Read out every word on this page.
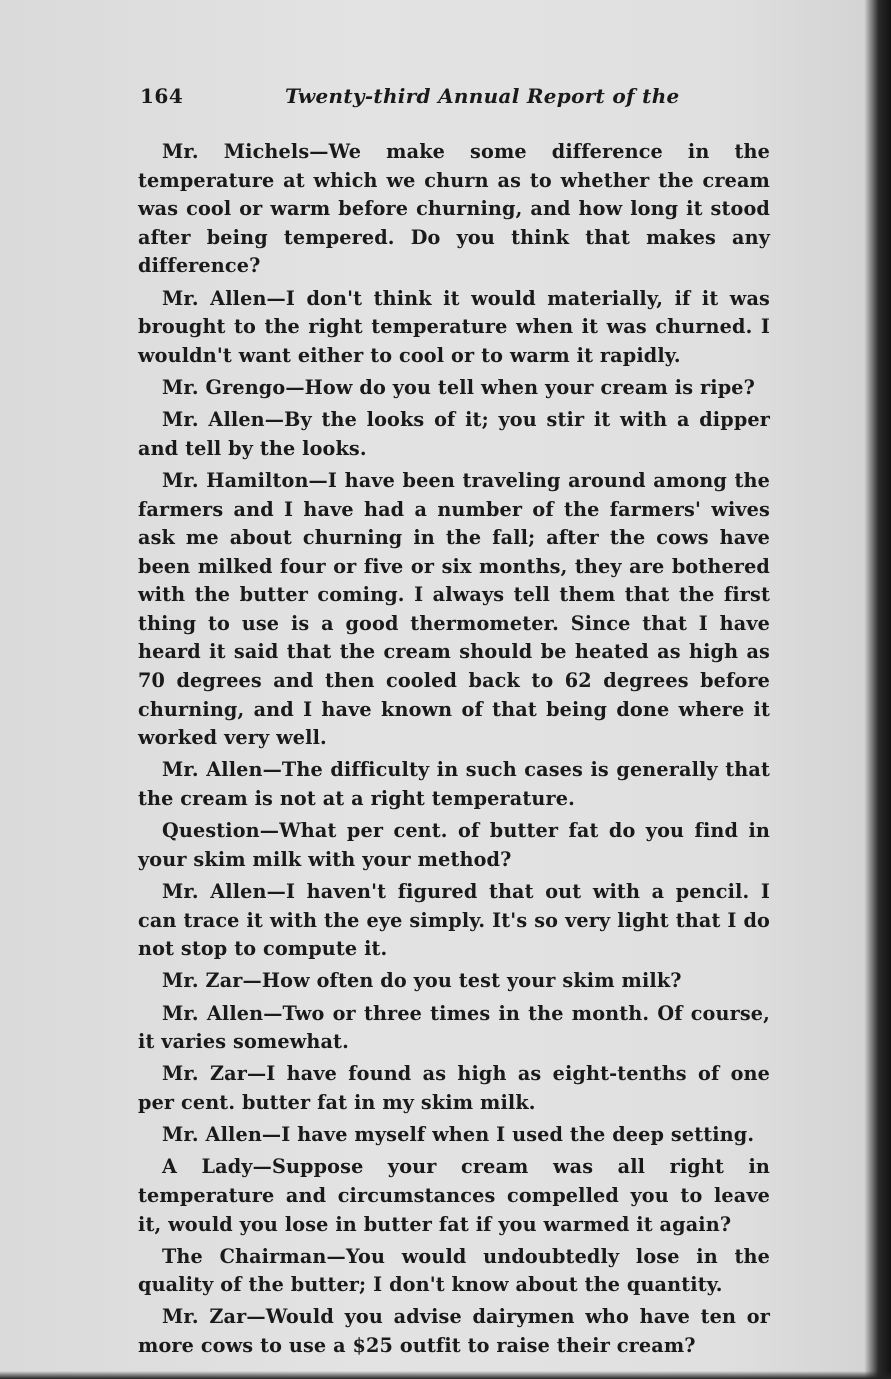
164	Twenty-third Annual Report of the

Mr. Michels—We make some difference in the temperature at which we churn as to whether the cream was cool or warm before churning, and how long it stood after being tempered. Do you think that makes any difference?

Mr. Allen—I don't think it would materially, if it was brought to the right temperature when it was churned. I wouldn't want either to cool or to warm it rapidly.

Mr. Grengo—How do you tell when your cream is ripe?

Mr. Allen—By the looks of it; you stir it with a dipper and tell by the looks.

Mr. Hamilton—I have been traveling around among the farmers and I have had a number of the farmers' wives ask me about churning in the fall; after the cows have been milked four or five or six months, they are bothered with the butter coming. I always tell them that the first thing to use is a good thermometer. Since that I have heard it said that the cream should be heated as high as 70 degrees and then cooled back to 62 degrees before churning, and I have known of that being done where it worked very well.

Mr. Allen—The difficulty in such cases is generally that the cream is not at a right temperature.

Question—What per cent. of butter fat do you find in your skim milk with your method?

Mr. Allen—I haven't figured that out with a pencil. I can trace it with the eye simply. It's so very light that I do not stop to compute it.

Mr. Zar—How often do you test your skim milk?

Mr. Allen—Two or three times in the month. Of course, it varies somewhat.

Mr. Zar—I have found as high as eight-tenths of one per cent. butter fat in my skim milk.

Mr. Allen—I have myself when I used the deep setting.

A Lady—Suppose your cream was all right in temperature and circumstances compelled you to leave it, would you lose in butter fat if you warmed it again?

The Chairman—You would undoubtedly lose in the quality of the butter; I don't know about the quantity.

Mr. Zar—Would you advise dairymen who have ten or more cows to use a $25 outfit to raise their cream?
